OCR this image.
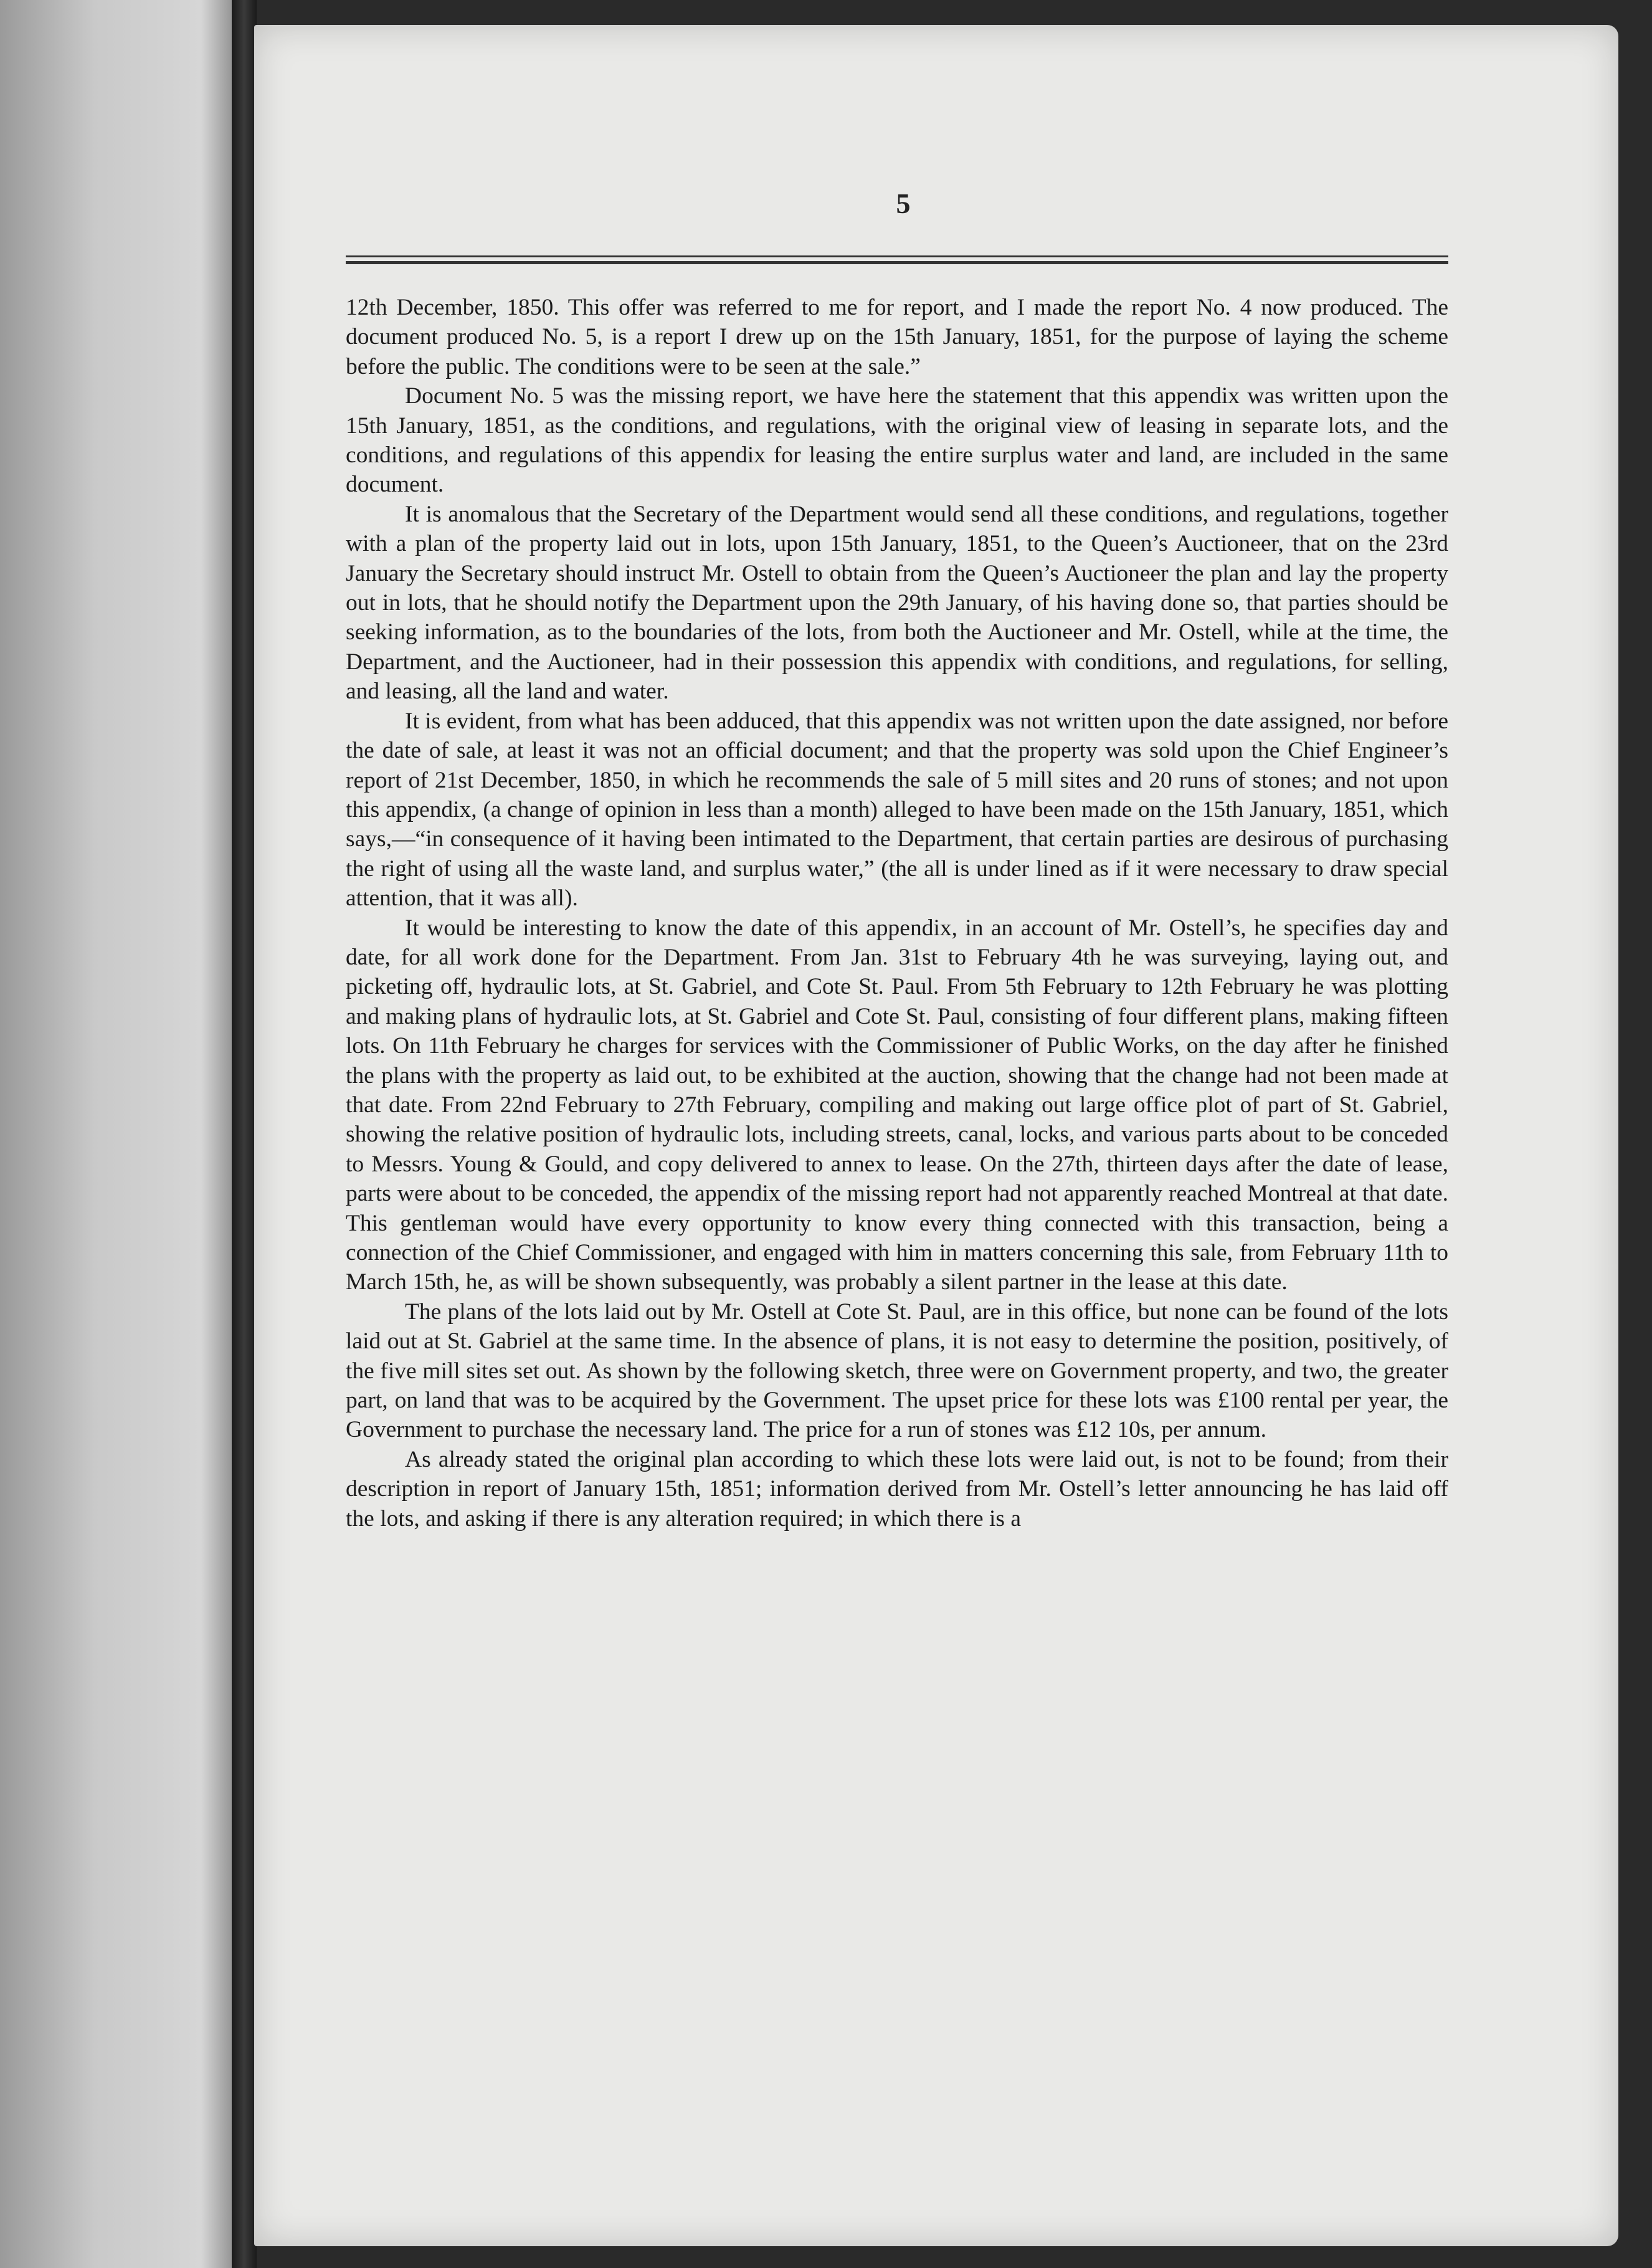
5

12th December, 1850. This offer was referred to me for report, and I made the report No. 4 now produced. The document produced No. 5, is a report I drew up on the 15th January, 1851, for the purpose of laying the scheme before the public. The conditions were to be seen at the sale.”

Document No. 5 was the missing report, we have here the statement that this appendix was written upon the 15th January, 1851, as the conditions, and regulations, with the original view of leasing in separate lots, and the conditions, and regulations of this appendix for leasing the entire surplus water and land, are included in the same document.

It is anomalous that the Secretary of the Department would send all these conditions, and regulations, together with a plan of the property laid out in lots, upon 15th January, 1851, to the Queen’s Auctioneer, that on the 23rd January the Secretary should instruct Mr. Ostell to obtain from the Queen’s Auctioneer the plan and lay the property out in lots, that he should notify the Department upon the 29th January, of his having done so, that parties should be seeking information, as to the boundaries of the lots, from both the Auctioneer and Mr. Ostell, while at the time, the Department, and the Auctioneer, had in their possession this appendix with conditions, and regulations, for selling, and leasing, all the land and water.

It is evident, from what has been adduced, that this appendix was not written upon the date assigned, nor before the date of sale, at least it was not an official document; and that the property was sold upon the Chief Engineer’s report of 21st December, 1850, in which he recommends the sale of 5 mill sites and 20 runs of stones; and not upon this appendix, (a change of opinion in less than a month) alleged to have been made on the 15th January, 1851, which says,—“in consequence of it having been intimated to the Department, that certain parties are desirous of purchasing the right of using all the waste land, and surplus water,” (the all is under lined as if it were necessary to draw special attention, that it was all).

It would be interesting to know the date of this appendix, in an account of Mr. Ostell’s, he specifies day and date, for all work done for the Department. From Jan. 31st to February 4th he was surveying, laying out, and picketing off, hydraulic lots, at St. Gabriel, and Cote St. Paul. From 5th February to 12th February he was plotting and making plans of hydraulic lots, at St. Gabriel and Cote St. Paul, consisting of four different plans, making fifteen lots. On 11th February he charges for services with the Commissioner of Public Works, on the day after he finished the plans with the property as laid out, to be exhibited at the auction, showing that the change had not been made at that date. From 22nd February to 27th February, compiling and making out large office plot of part of St. Gabriel, showing the relative position of hydraulic lots, including streets, canal, locks, and various parts about to be conceded to Messrs. Young & Gould, and copy delivered to annex to lease. On the 27th, thirteen days after the date of lease, parts were about to be conceded, the appendix of the missing report had not apparently reached Montreal at that date. This gentleman would have every opportunity to know every thing connected with this transaction, being a connection of the Chief Commissioner, and engaged with him in matters concerning this sale, from February 11th to March 15th, he, as will be shown subsequently, was probably a silent partner in the lease at this date.

The plans of the lots laid out by Mr. Ostell at Cote St. Paul, are in this office, but none can be found of the lots laid out at St. Gabriel at the same time. In the absence of plans, it is not easy to determine the position, positively, of the five mill sites set out. As shown by the following sketch, three were on Government property, and two, the greater part, on land that was to be acquired by the Government. The upset price for these lots was £100 rental per year, the Government to purchase the necessary land. The price for a run of stones was £12 10s, per annum.

As already stated the original plan according to which these lots were laid out, is not to be found; from their description in report of January 15th, 1851; information derived from Mr. Ostell’s letter announcing he has laid off the lots, and asking if there is any alteration required; in which there is a
